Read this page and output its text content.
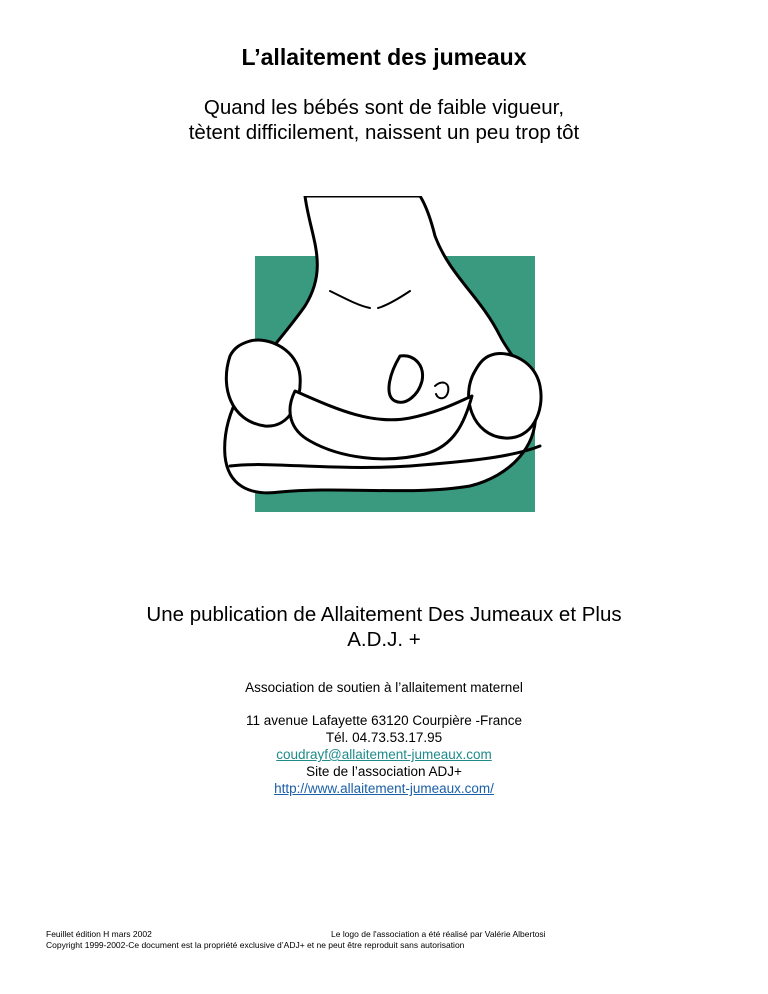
L’allaitement des jumeaux
Quand les bébés sont de faible vigueur,
tètent difficilement, naissent un peu trop tôt
Une publication de Allaitement Des Jumeaux et Plus
A.D.J. +
Association de soutien à l’allaitement maternel
11 avenue Lafayette 63120 Courpière -France
Tél. 04.73.53.17.95
coudrayf@allaitement-jumeaux.com
Site de l’association ADJ+
http://www.allaitement-jumeaux.com/
Feuillet édition H mars 2002	Le logo de l'association a été réalisé par Valérie Albertosi
Copyright 1999-2002-Ce document est la propriété exclusive d’ADJ+ et ne peut être reproduit sans autorisation
